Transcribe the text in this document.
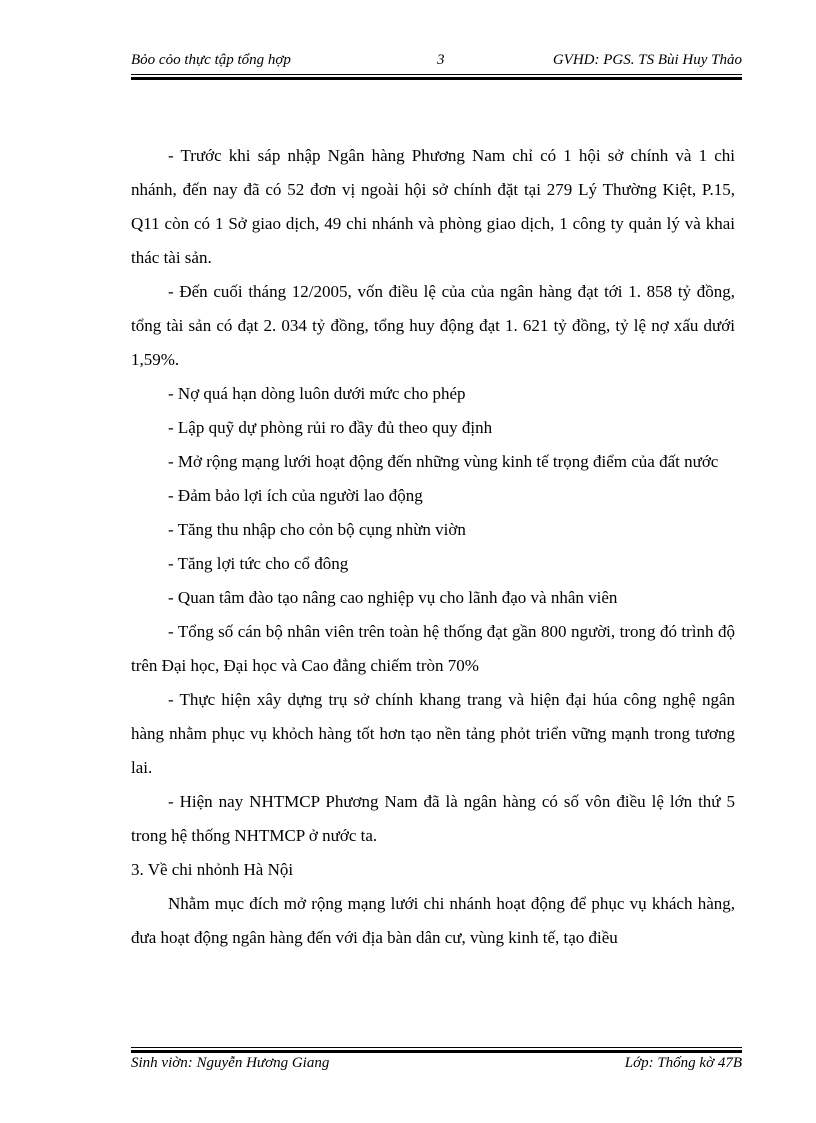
Bỏo cỏo thực tập tổng hợp	3	GVHD: PGS. TS Bùi Huy Thảo

- Trước khi sáp nhập Ngân hàng Phương Nam chỉ có 1 hội sở chính và 1 chi nhánh, đến nay đã có 52 đơn vị ngoài hội sở chính đặt tại 279 Lý Thường Kiệt, P.15, Q11 còn có 1 Sở giao dịch, 49 chi nhánh và phòng giao dịch, 1 công ty quản lý và khai thác tài sản.

- Đến cuối tháng 12/2005, vốn điều lệ của của ngân hàng đạt tới 1. 858 tỷ đồng, tổng tài sản có đạt 2. 034 tỷ đồng, tổng huy động đạt 1. 621 tỷ đồng, tỷ lệ nợ xấu dưới 1,59%.

- Nợ quá hạn dòng luôn dưới mức cho phép

- Lập quỹ dự phòng rủi ro đầy đủ theo quy định

- Mở rộng mạng lưới hoạt động đến những vùng kinh tế trọng điểm của đất nước

- Đảm bảo lợi ích của người lao động

- Tăng thu nhập cho cỏn bộ cụng nhừn viờn

- Tăng lợi tức cho cổ đông

- Quan tâm đào tạo nâng cao nghiệp vụ cho lãnh đạo và nhân viên

- Tổng số cán bộ nhân viên trên toàn hệ thống đạt gần 800 người, trong đó trình độ trên Đại học, Đại học và Cao đẳng chiếm tròn 70%

- Thực hiện xây dựng trụ sở chính khang trang và hiện đại húa công nghệ ngân hàng nhằm phục vụ khỏch hàng tốt hơn tạo nền tảng phỏt triển vững mạnh trong tương lai.

- Hiện nay NHTMCP Phương Nam đã là ngân hàng có số vôn điều lệ lớn thứ 5 trong hệ thống NHTMCP ở nước ta.

3. Về chi nhỏnh Hà Nội

Nhằm mục đích mở rộng mạng lưới chi nhánh hoạt động để phục vụ khách hàng, đưa hoạt động ngân hàng đến với địa bàn dân cư, vùng kinh tế, tạo điều

Sinh viờn: Nguyễn Hương Giang	Lớp: Thống kờ 47B
